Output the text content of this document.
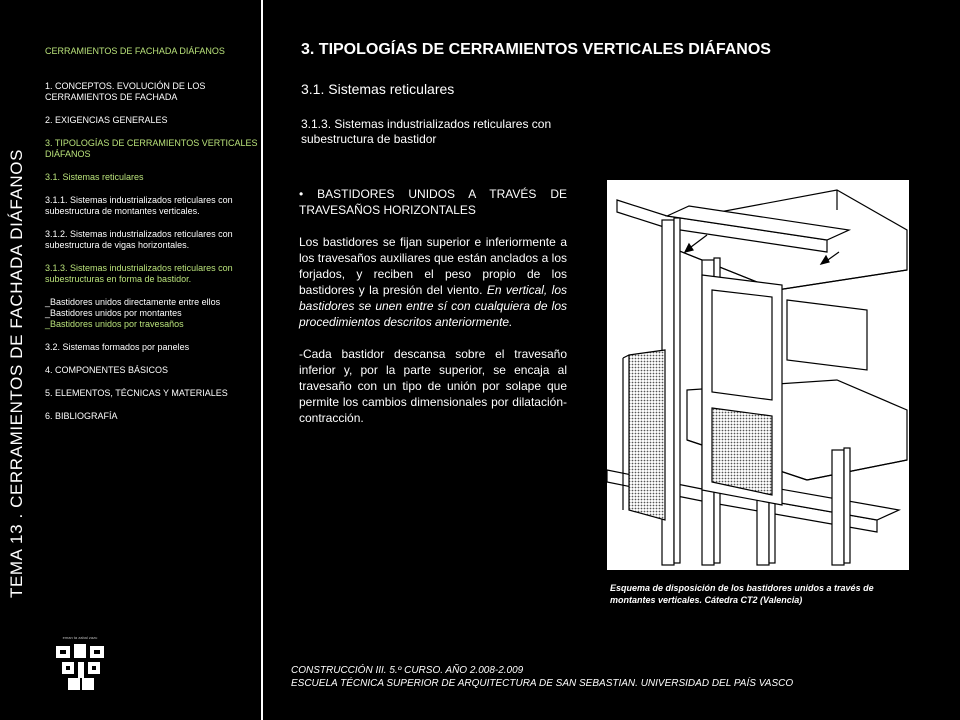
TEMA 13 . CERRAMIENTOS DE FACHADA DIÁFANOS
CERRAMIENTOS DE FACHADA DIÁFANOS
1. CONCEPTOS. EVOLUCIÓN DE LOS CERRAMIENTOS DE FACHADA
2. EXIGENCIAS GENERALES
3. TIPOLOGÍAS DE CERRAMIENTOS VERTICALES DIÁFANOS
3.1. Sistemas reticulares
3.1.1. Sistemas industrializados reticulares con subestructura de montantes verticales.
3.1.2. Sistemas industrializados reticulares con subestructura de vigas horizontales.
3.1.3. Sistemas industrializados reticulares con subestructuras en forma de bastidor.
_Bastidores unidos directamente entre ellos
_Bastidores unidos por montantes
_Bastidores unidos por travesaños
3.2. Sistemas formados por paneles
4. COMPONENTES BÁSICOS
5. ELEMENTOS, TÉCNICAS Y MATERIALES
6. BIBLIOGRAFÍA
eman ta zabal zazu
3. TIPOLOGÍAS DE CERRAMIENTOS VERTICALES DIÁFANOS
3.1. Sistemas reticulares
3.1.3. Sistemas industrializados reticulares con subestructura de bastidor

• BASTIDORES UNIDOS A TRAVÉS DE TRAVESAÑOS HORIZONTALES

Los bastidores se fijan superior e inferiormente a los travesaños auxiliares que están anclados a los forjados, y reciben el peso propio de los bastidores y la presión del viento. En vertical, los bastidores se unen entre sí con cualquiera de los procedimientos descritos anteriormente.

-Cada bastidor descansa sobre el travesaño inferior y, por la parte superior, se encaja al travesaño con un tipo de unión por solape que permite los cambios dimensionales por dilatación-contracción.

Esquema de disposición de los bastidores unidos a través de montantes verticales. Cátedra CT2 (Valencia)
CONSTRUCCIÓN III. 5.º CURSO. AÑO 2.008-2.009
ESCUELA TÉCNICA SUPERIOR DE ARQUITECTURA DE SAN SEBASTIAN. UNIVERSIDAD DEL PAÍS VASCO
